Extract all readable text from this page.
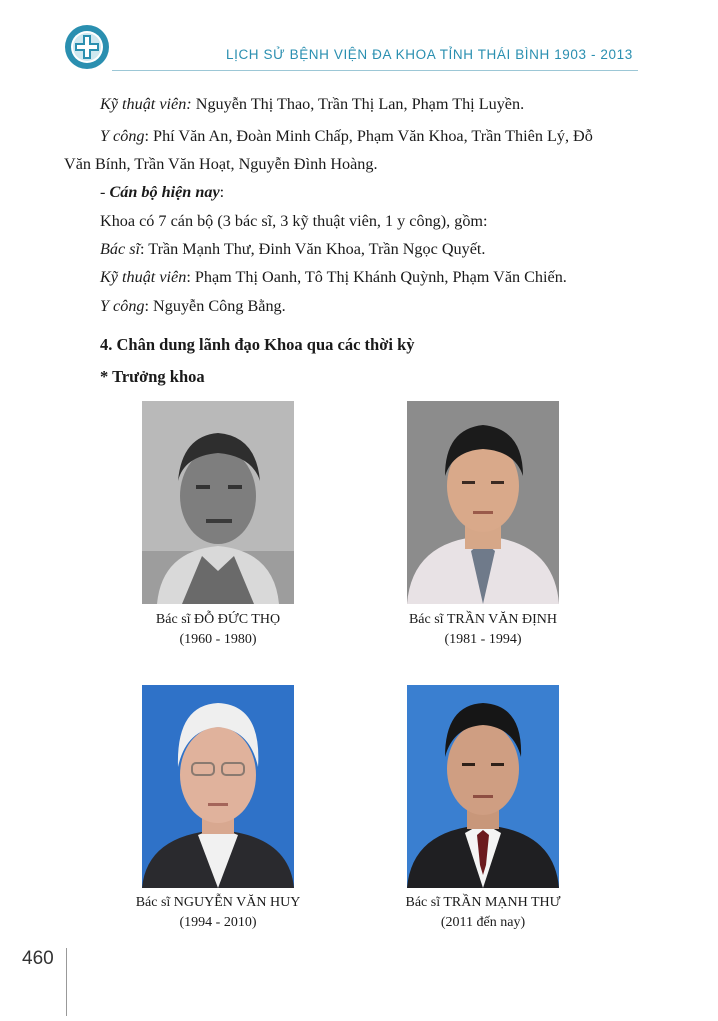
LỊCH SỬ BỆNH VIỆN ĐA KHOA TỈNH THÁI BÌNH 1903 - 2013
Kỹ thuật viên: Nguyễn Thị Thao, Trần Thị Lan, Phạm Thị Luyền.
Y công: Phí Văn An, Đoàn Minh Chấp, Phạm Văn Khoa, Trần Thiên Lý, Đỗ
Văn Bính, Trần Văn Hoạt, Nguyễn Đình Hoàng.
- Cán bộ hiện nay:
Khoa có 7 cán bộ (3 bác sĩ, 3 kỹ thuật viên, 1 y công), gồm:
Bác sĩ: Trần Mạnh Thư, Đinh Văn Khoa, Trần Ngọc Quyết.
Kỹ thuật viên: Phạm Thị Oanh, Tô Thị Khánh Quỳnh, Phạm Văn Chiến.
Y công: Nguyễn Công Bằng.
4. Chân dung lãnh đạo Khoa qua các thời kỳ
* Trưởng khoa
Bác sĩ ĐỖ ĐỨC THỌ
(1960 - 1980)
Bác sĩ TRẦN VĂN ĐỊNH
(1981 - 1994)
Bác sĩ NGUYỄN VĂN HUY
(1994 - 2010)
Bác sĩ TRẦN MẠNH THƯ
(2011 đến nay)
460
